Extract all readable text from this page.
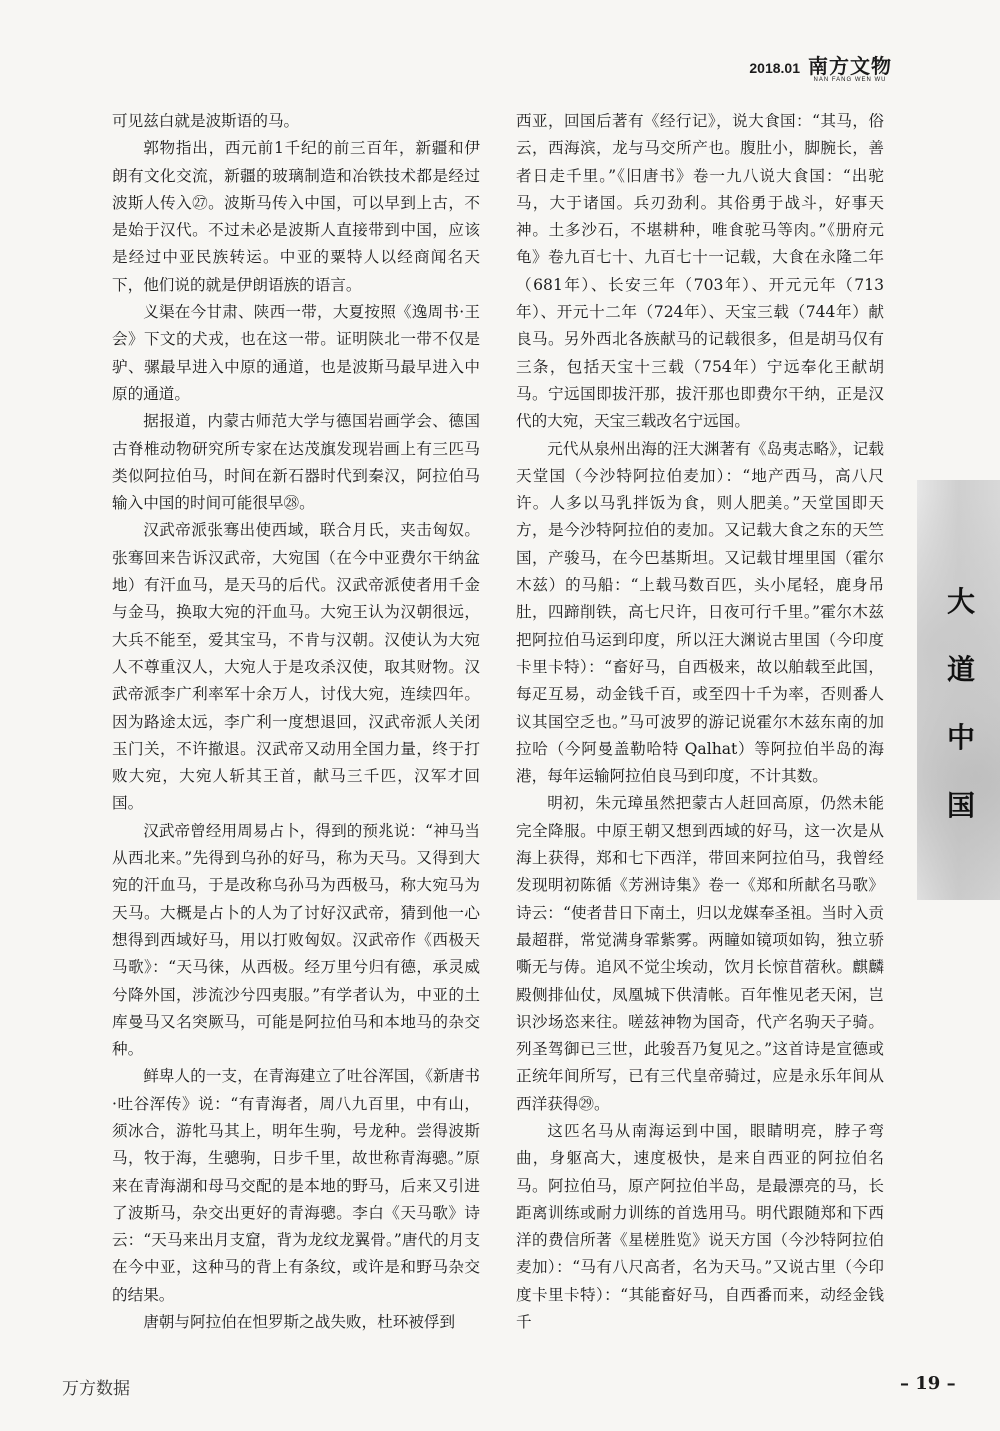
2018.01 南方文物
NAN FANG WEN WU

可见兹白就是波斯语的马。

郭物指出，西元前1千纪的前三百年，新疆和伊朗有文化交流，新疆的玻璃制造和冶铁技术都是经过波斯人传入㉗。波斯马传入中国，可以早到上古，不是始于汉代。不过未必是波斯人直接带到中国，应该是经过中亚民族转运。中亚的粟特人以经商闻名天下，他们说的就是伊朗语族的语言。

义渠在今甘肃、陕西一带，大夏按照《逸周书·王会》下文的犬戎，也在这一带。证明陕北一带不仅是驴、骡最早进入中原的通道，也是波斯马最早进入中原的通道。

据报道，内蒙古师范大学与德国岩画学会、德国古脊椎动物研究所专家在达茂旗发现岩画上有三匹马类似阿拉伯马，时间在新石器时代到秦汉，阿拉伯马输入中国的时间可能很早㉘。

汉武帝派张骞出使西域，联合月氏，夹击匈奴。张骞回来告诉汉武帝，大宛国（在今中亚费尔干纳盆地）有汗血马，是天马的后代。汉武帝派使者用千金与金马，换取大宛的汗血马。大宛王认为汉朝很远，大兵不能至，爱其宝马，不肯与汉朝。汉使认为大宛人不尊重汉人，大宛人于是攻杀汉使，取其财物。汉武帝派李广利率军十余万人，讨伐大宛，连续四年。因为路途太远，李广利一度想退回，汉武帝派人关闭玉门关，不许撤退。汉武帝又动用全国力量，终于打败大宛，大宛人斩其王首，献马三千匹，汉军才回国。

汉武帝曾经用周易占卜，得到的预兆说：“神马当从西北来。”先得到乌孙的好马，称为天马。又得到大宛的汗血马，于是改称乌孙马为西极马，称大宛马为天马。大概是占卜的人为了讨好汉武帝，猜到他一心想得到西域好马，用以打败匈奴。汉武帝作《西极天马歌》：“天马徕，从西极。经万里兮归有德，承灵威兮降外国，涉流沙兮四夷服。”有学者认为，中亚的土库曼马又名突厥马，可能是阿拉伯马和本地马的杂交种。

鲜卑人的一支，在青海建立了吐谷浑国，《新唐书·吐谷浑传》说：“有青海者，周八九百里，中有山，须冰合，游牝马其上，明年生驹，号龙种。尝得波斯马，牧于海，生骢驹，日步千里，故世称青海骢。”原来在青海湖和母马交配的是本地的野马，后来又引进了波斯马，杂交出更好的青海骢。李白《天马歌》诗云：“天马来出月支窟，背为龙纹龙翼骨。”唐代的月支在今中亚，这种马的背上有条纹，或许是和野马杂交的结果。

唐朝与阿拉伯在怛罗斯之战失败，杜环被俘到

西亚，回国后著有《经行记》，说大食国：“其马，俗云，西海滨，龙与马交所产也。腹肚小，脚腕长，善者日走千里。”《旧唐书》卷一九八说大食国：“出驼马，大于诸国。兵刃劲利。其俗勇于战斗，好事天神。土多沙石，不堪耕种，唯食驼马等肉。”《册府元龟》卷九百七十、九百七十一记载，大食在永隆二年（681年）、长安三年（703年）、开元元年（713年）、开元十二年（724年）、天宝三载（744年）献良马。另外西北各族献马的记载很多，但是胡马仅有三条，包括天宝十三载（754年）宁远奉化王献胡马。宁远国即拔汗那，拔汗那也即费尔干纳，正是汉代的大宛，天宝三载改名宁远国。

元代从泉州出海的汪大渊著有《岛夷志略》，记载天堂国（今沙特阿拉伯麦加）：“地产西马，高八尺许。人多以马乳拌饭为食，则人肥美。”天堂国即天方，是今沙特阿拉伯的麦加。又记载大食之东的天竺国，产骏马，在今巴基斯坦。又记载甘埋里国（霍尔木兹）的马船：“上载马数百匹，头小尾轻，鹿身吊肚，四蹄削铁，高七尺许，日夜可行千里。”霍尔木兹把阿拉伯马运到印度，所以汪大渊说古里国（今印度卡里卡特）：“畜好马，自西极来，故以舶载至此国，每疋互易，动金钱千百，或至四十千为率，否则番人议其国空乏也。”马可波罗的游记说霍尔木兹东南的加拉哈（今阿曼盖勒哈特 Qalhat）等阿拉伯半岛的海港，每年运输阿拉伯良马到印度，不计其数。

明初，朱元璋虽然把蒙古人赶回高原，仍然未能完全降服。中原王朝又想到西域的好马，这一次是从海上获得，郑和七下西洋，带回来阿拉伯马，我曾经发现明初陈循《芳洲诗集》卷一《郑和所献名马歌》诗云：“使者昔日下南土，归以龙媒奉圣祖。当时入贡最超群，常觉满身霏紫雾。两瞳如镜项如钩，独立骄嘶无与俦。追风不觉尘埃动，饮月长惊苜蓿秋。麒麟殿侧排仙仗，凤凰城下供清帐。百年惟见老天闲，岂识沙场恣来往。嗟兹神物为国奇，代产名驹天子骑。列圣驾御已三世，此骏吾乃复见之。”这首诗是宣德或正统年间所写，已有三代皇帝骑过，应是永乐年间从西洋获得㉙。

这匹名马从南海运到中国，眼睛明亮，脖子弯曲，身躯高大，速度极快，是来自西亚的阿拉伯名马。阿拉伯马，原产阿拉伯半岛，是最漂亮的马，长距离训练或耐力训练的首选用马。明代跟随郑和下西洋的费信所著《星槎胜览》说天方国（今沙特阿拉伯麦加）：“马有八尺高者，名为天马。”又说古里（今印度卡里卡特）：“其能畜好马，自西番而来，动经金钱千

大
道
中
国
万方数据	– 19 –
